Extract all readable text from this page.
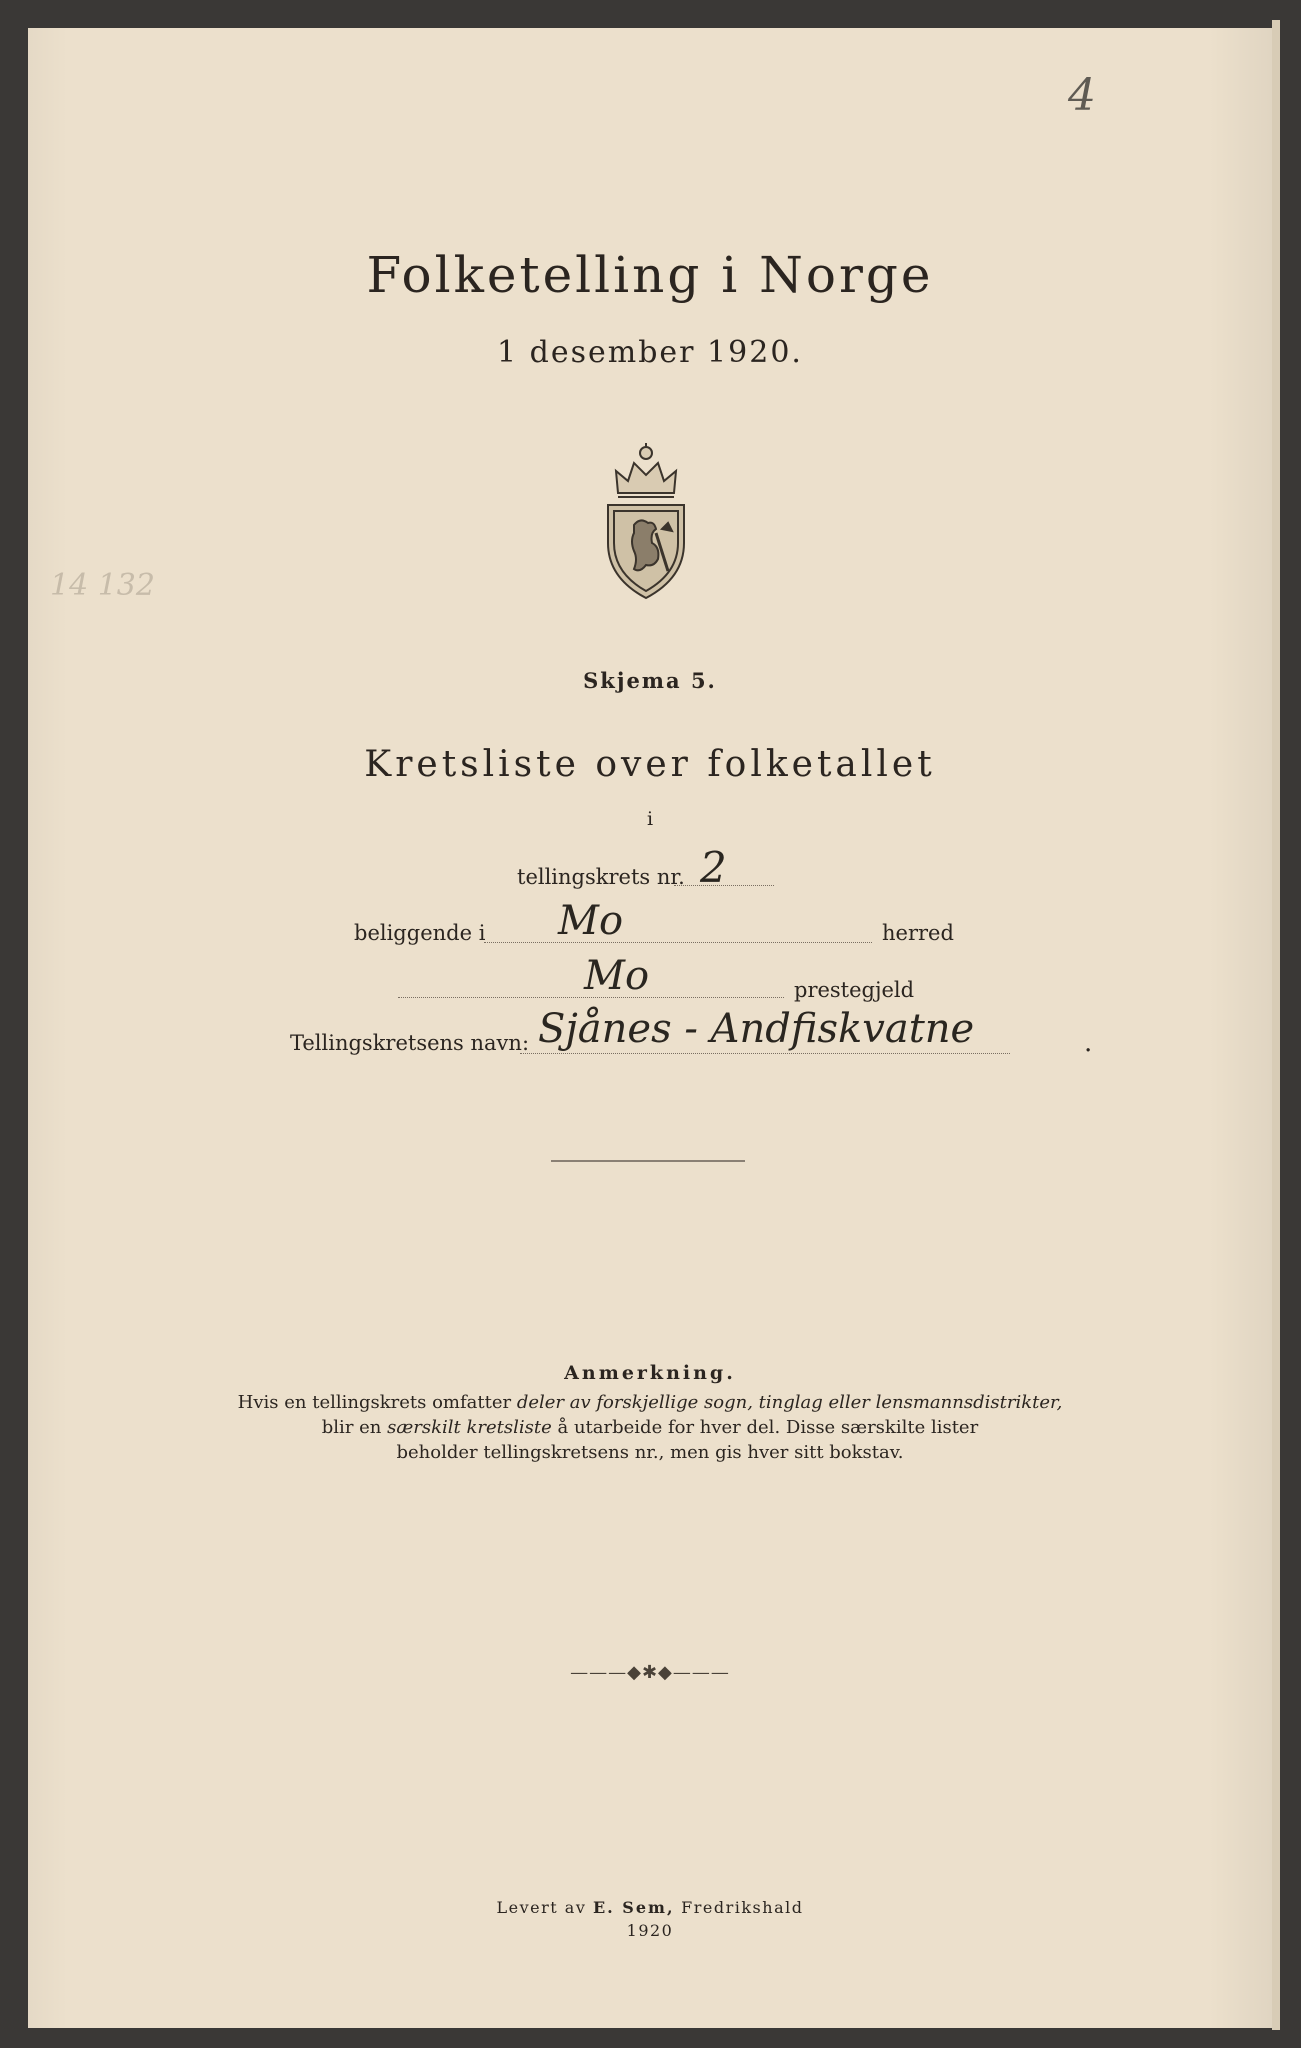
14 132
4
Folketelling i Norge
1 desember 1920.
Skjema 5.
Kretsliste over folketallet
i
tellingskrets nr. 2
beliggende i Mo	herred
Mo	prestegjeld
Tellingskretsens navn: Sjånes - Andfiskvatne	.
Anmerkning.
Hvis en tellingskrets omfatter deler av forskjellige sogn, tinglag eller lensmannsdistrikter,
blir en særskilt kretsliste å utarbeide for hver del. Disse særskilte lister
beholder tellingskretsens nr., men gis hver sitt bokstav.
———◆✱◆———
Levert av E. Sem, Fredrikshald
1920
